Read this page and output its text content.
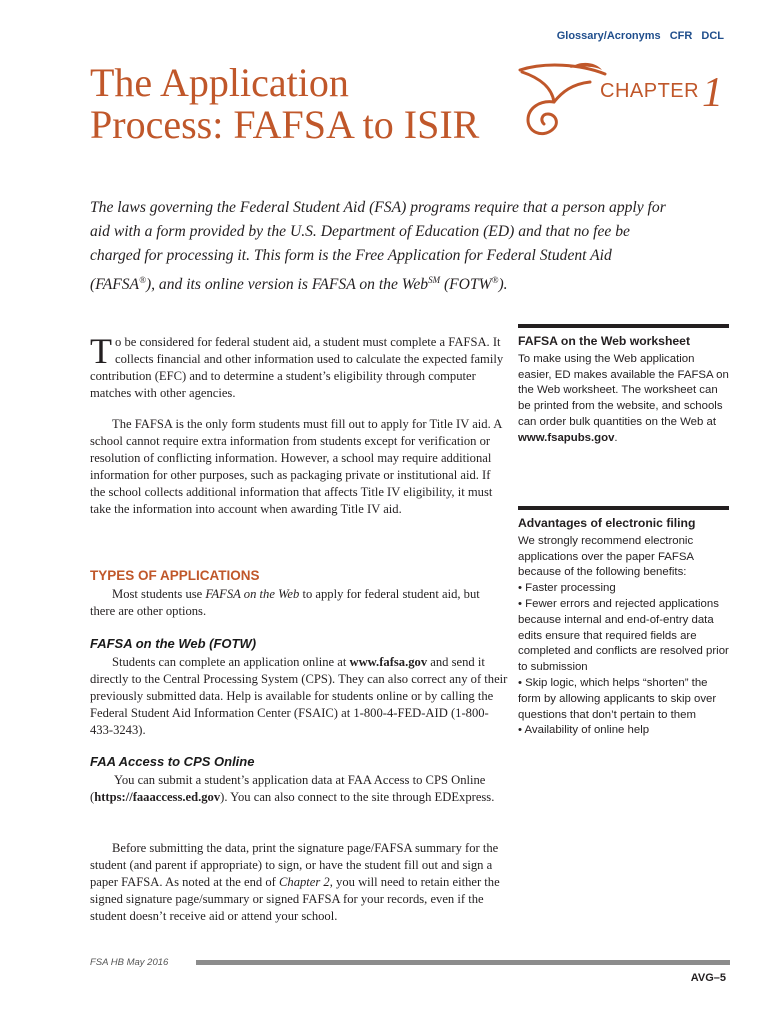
Glossary/Acronyms CFR DCL
The Application
Process: FAFSA to ISIR
CHAPTER 1

The laws governing the Federal Student Aid (FSA) programs require that a person apply for aid with a form provided by the U.S. Department of Education (ED) and that no fee be charged for processing it. This form is the Free Application for Federal Student Aid (FAFSA®), and its online version is FAFSA on the Web℠ (FOTW®).

To be considered for federal student aid, a student must complete a FAFSA. It collects financial and other information used to calculate the expected family contribution (EFC) and to determine a student’s eligibility through computer matches with other agencies.

The FAFSA is the only form students must fill out to apply for Title IV aid. A school cannot require extra information from students except for verification or resolution of conflicting information. However, a school may require additional information for other purposes, such as packaging private or institutional aid. If the school collects additional information that affects Title IV eligibility, it must take the information into account when awarding Title IV aid.

TYPES OF APPLICATIONS

Most students use FAFSA on the Web to apply for federal student aid, but there are other options.

FAFSA on the Web (FOTW)

Students can complete an application online at www.fafsa.gov and send it directly to the Central Processing System (CPS). They can also correct any of their previously submitted data. Help is available for students online or by calling the Federal Student Aid Information Center (FSAIC) at 1-800-4-FED-AID (1-800-433-3243).

FAA Access to CPS Online

You can submit a student’s application data at FAA Access to CPS Online (https://faaaccess.ed.gov). You can also connect to the site through EDExpress.

Before submitting the data, print the signature page/FAFSA summary for the student (and parent if appropriate) to sign, or have the student fill out and sign a paper FAFSA. As noted at the end of Chapter 2, you will need to retain either the signed signature page/summary or signed FAFSA for your records, even if the student doesn’t receive aid or attend your school.

FAFSA on the Web worksheet

To make using the Web application easier, ED makes available the FAFSA on the Web worksheet. The worksheet can be printed from the website, and schools can order bulk quantities on the Web at www.fsapubs.gov.

Advantages of electronic filing

We strongly recommend electronic applications over the paper FAFSA because of the following benefits:

• Faster processing
• Fewer errors and rejected applications because internal and end-of-entry data edits ensure that required fields are completed and conflicts are resolved prior to submission
• Skip logic, which helps “shorten” the form by allowing applicants to skip over questions that don’t pertain to them
• Availability of online help
FSA HB May 2016
AVG–5
